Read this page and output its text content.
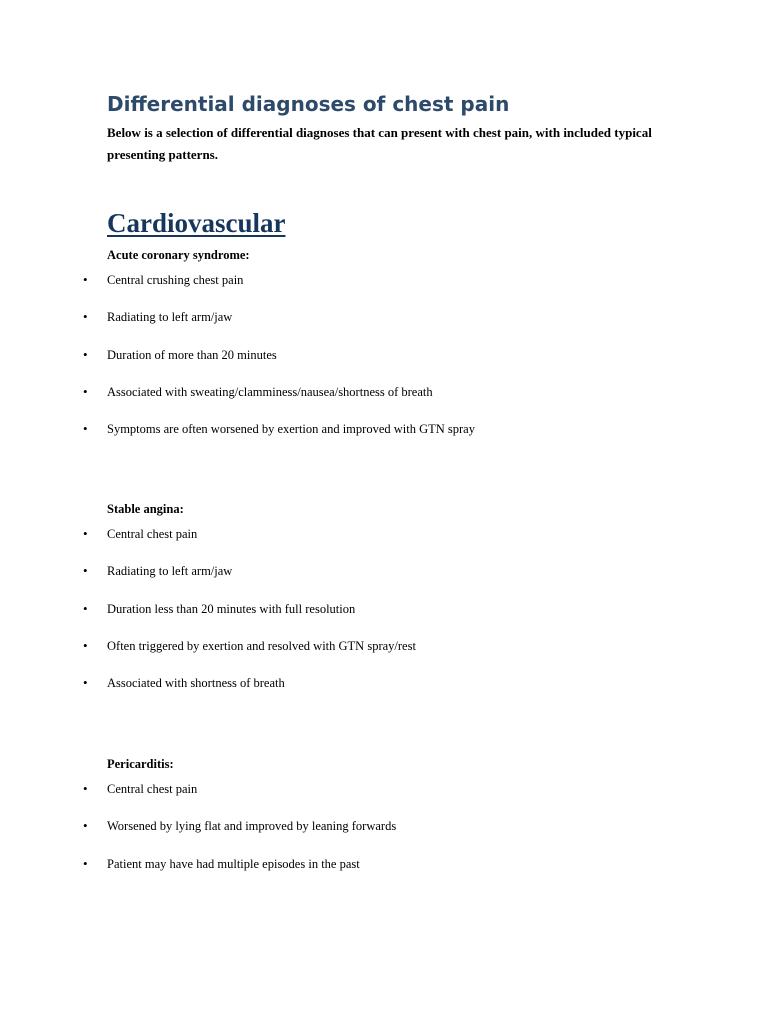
Differential diagnoses of chest pain

Below is a selection of differential diagnoses that can present with chest pain, with included typical presenting patterns.

Cardiovascular

Acute coronary syndrome:

• Central crushing chest pain
• Radiating to left arm/jaw
• Duration of more than 20 minutes
• Associated with sweating/clamminess/nausea/shortness of breath
• Symptoms are often worsened by exertion and improved with GTN spray

Stable angina:

• Central chest pain
• Radiating to left arm/jaw
• Duration less than 20 minutes with full resolution
• Often triggered by exertion and resolved with GTN spray/rest
• Associated with shortness of breath

Pericarditis:

• Central chest pain
• Worsened by lying flat and improved by leaning forwards
• Patient may have had multiple episodes in the past
